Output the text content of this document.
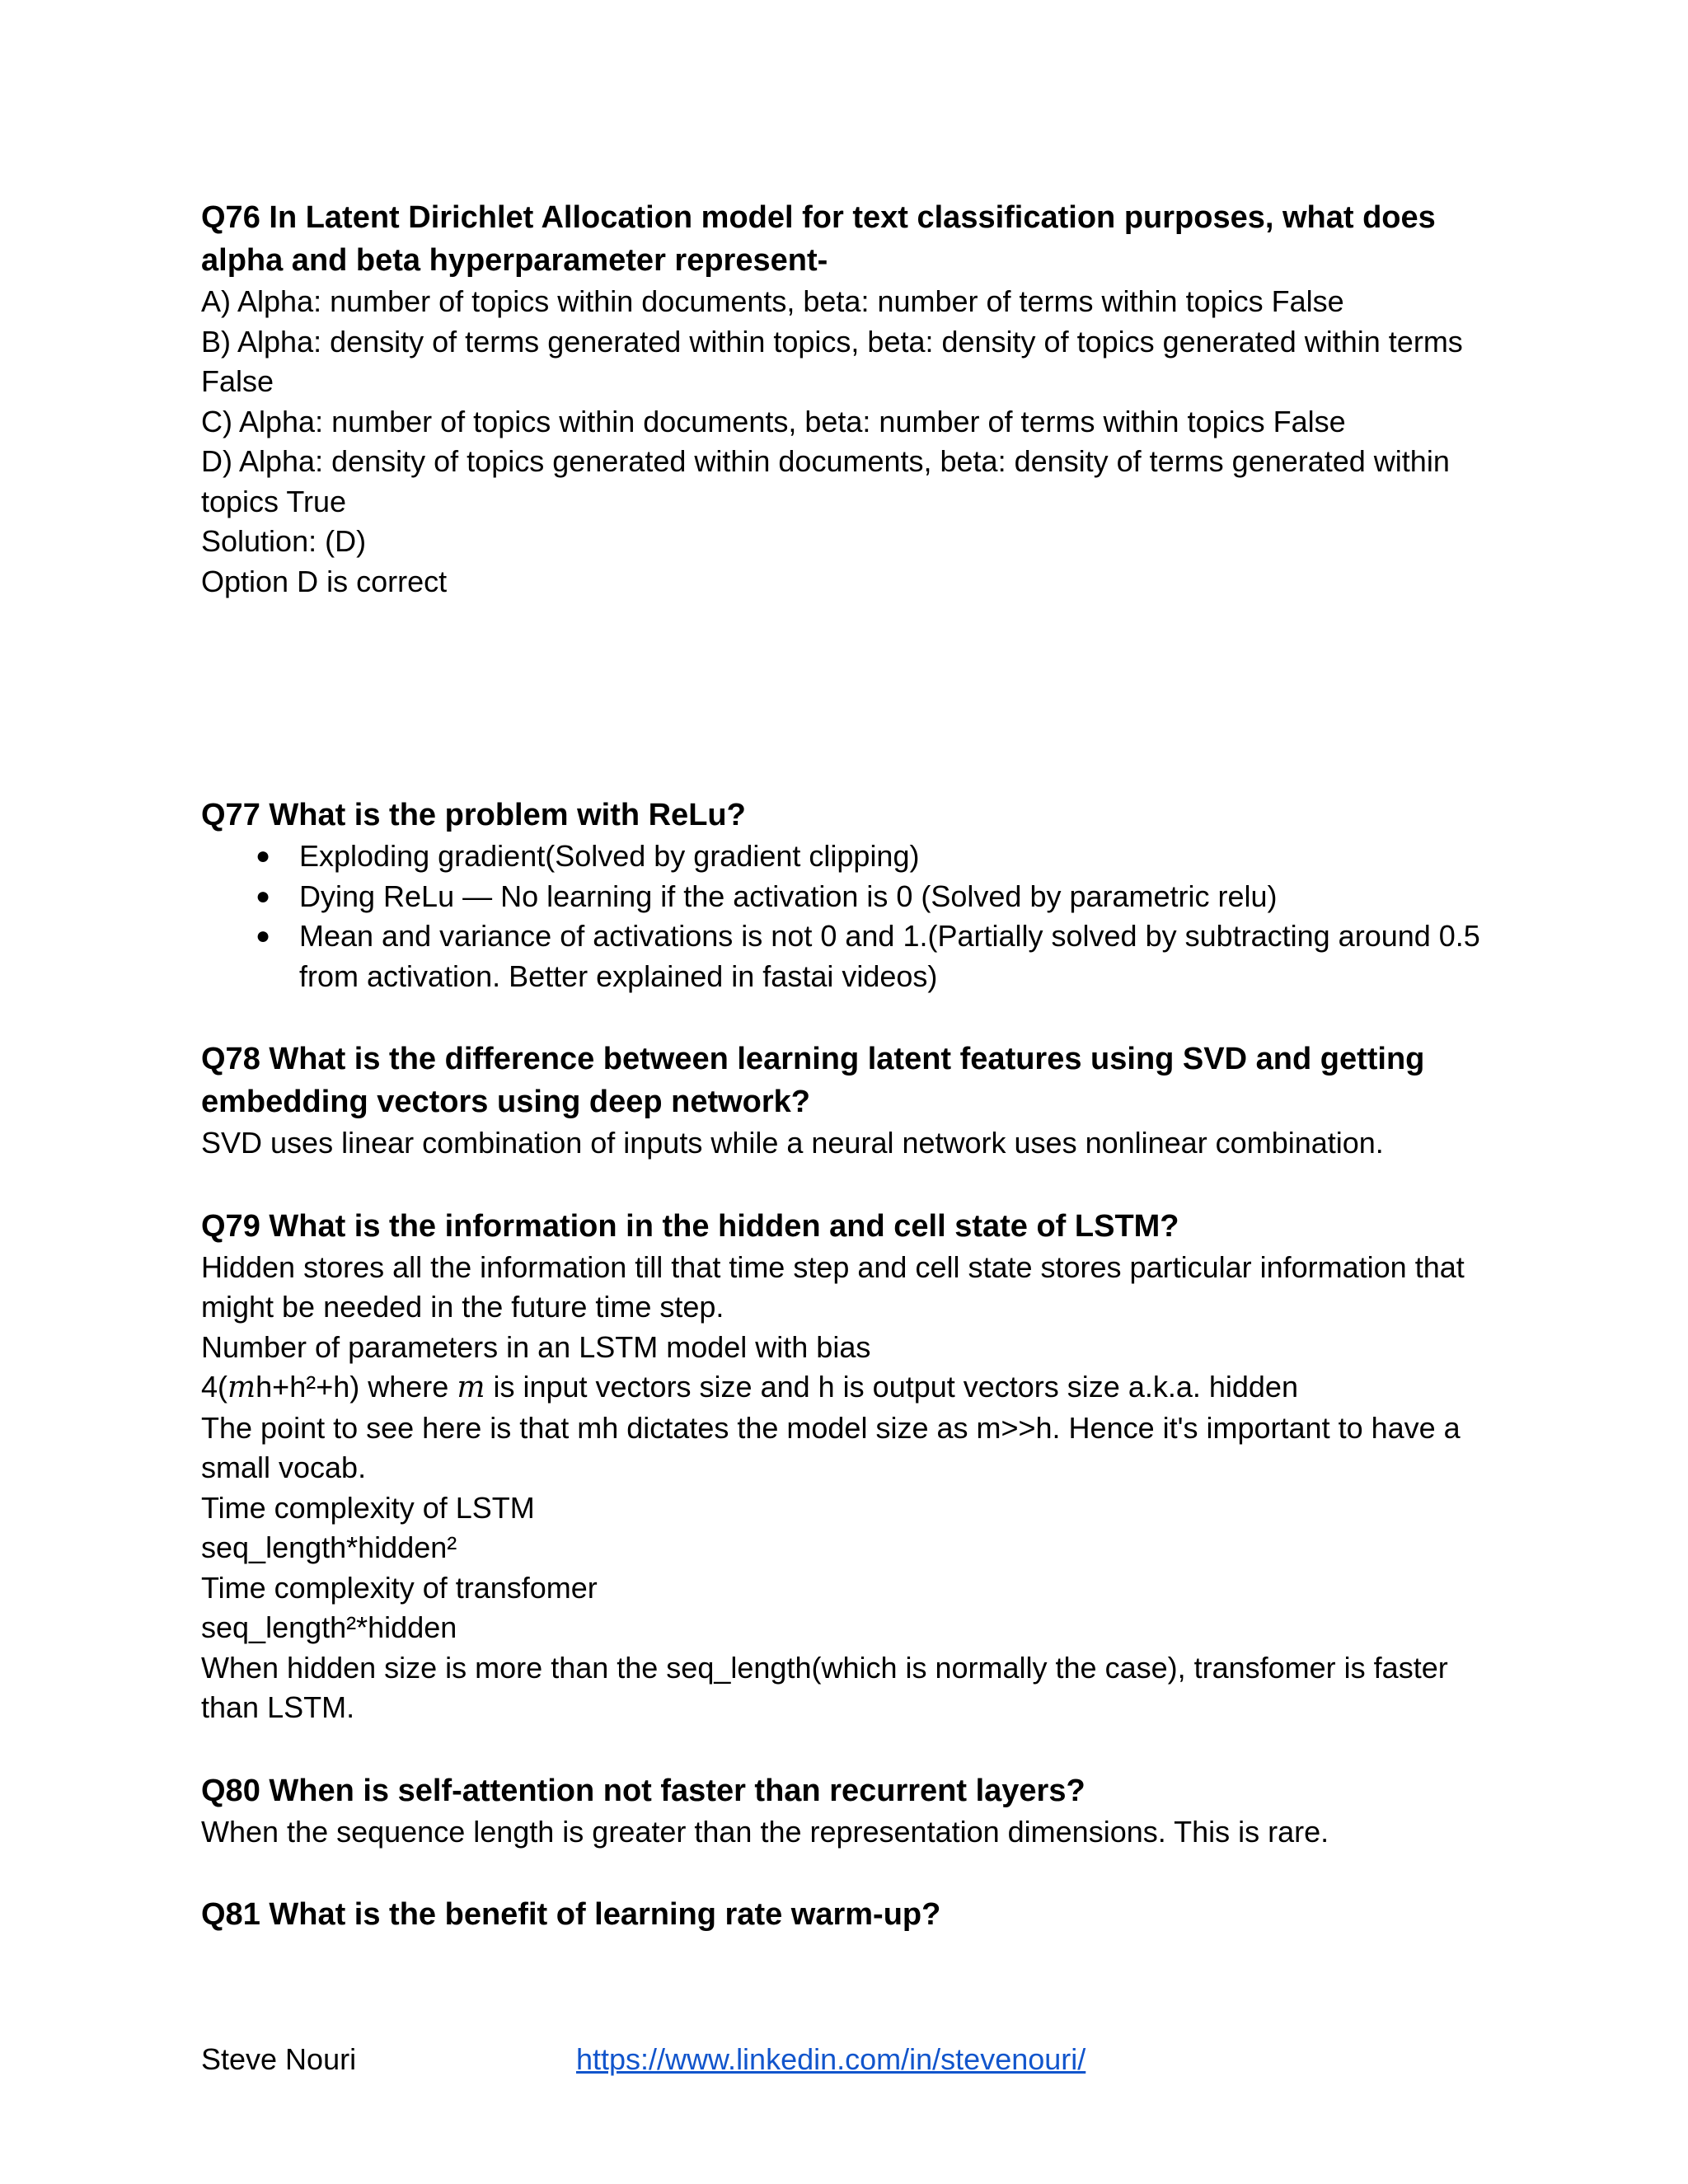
Q76 In Latent Dirichlet Allocation model for text classification purposes, what does
alpha and beta hyperparameter represent-

A) Alpha: number of topics within documents, beta: number of terms within topics False

B) Alpha: density of terms generated within topics, beta: density of topics generated within terms

False

C) Alpha: number of topics within documents, beta: number of terms within topics False

D) Alpha: density of topics generated within documents, beta: density of terms generated within

topics True

Solution: (D)

Option D is correct

Q77 What is the problem with ReLu?

● Exploding gradient(Solved by gradient clipping)
● Dying ReLu — No learning if the activation is 0 (Solved by parametric relu)
● Mean and variance of activations is not 0 and 1.(Partially solved by subtracting around 0.5 from activation. Better explained in fastai videos)

Q78 What is the difference between learning latent features using SVD and getting
embedding vectors using deep network?

SVD uses linear combination of inputs while a neural network uses nonlinear combination.

Q79 What is the information in the hidden and cell state of LSTM?

Hidden stores all the information till that time step and cell state stores particular information that

might be needed in the future time step.

Number of parameters in an LSTM model with bias

4(mh+h²+h) where m is input vectors size and h is output vectors size a.k.a. hidden

The point to see here is that mh dictates the model size as m>>h. Hence it's important to have a

small vocab.

Time complexity of LSTM

seq_length*hidden²

Time complexity of transfomer

seq_length²*hidden

When hidden size is more than the seq_length(which is normally the case), transfomer is faster

than LSTM.

Q80 When is self-attention not faster than recurrent layers?

When the sequence length is greater than the representation dimensions. This is rare.

Q81 What is the benefit of learning rate warm-up?

Steve Nouri	https://www.linkedin.com/in/stevenouri/
